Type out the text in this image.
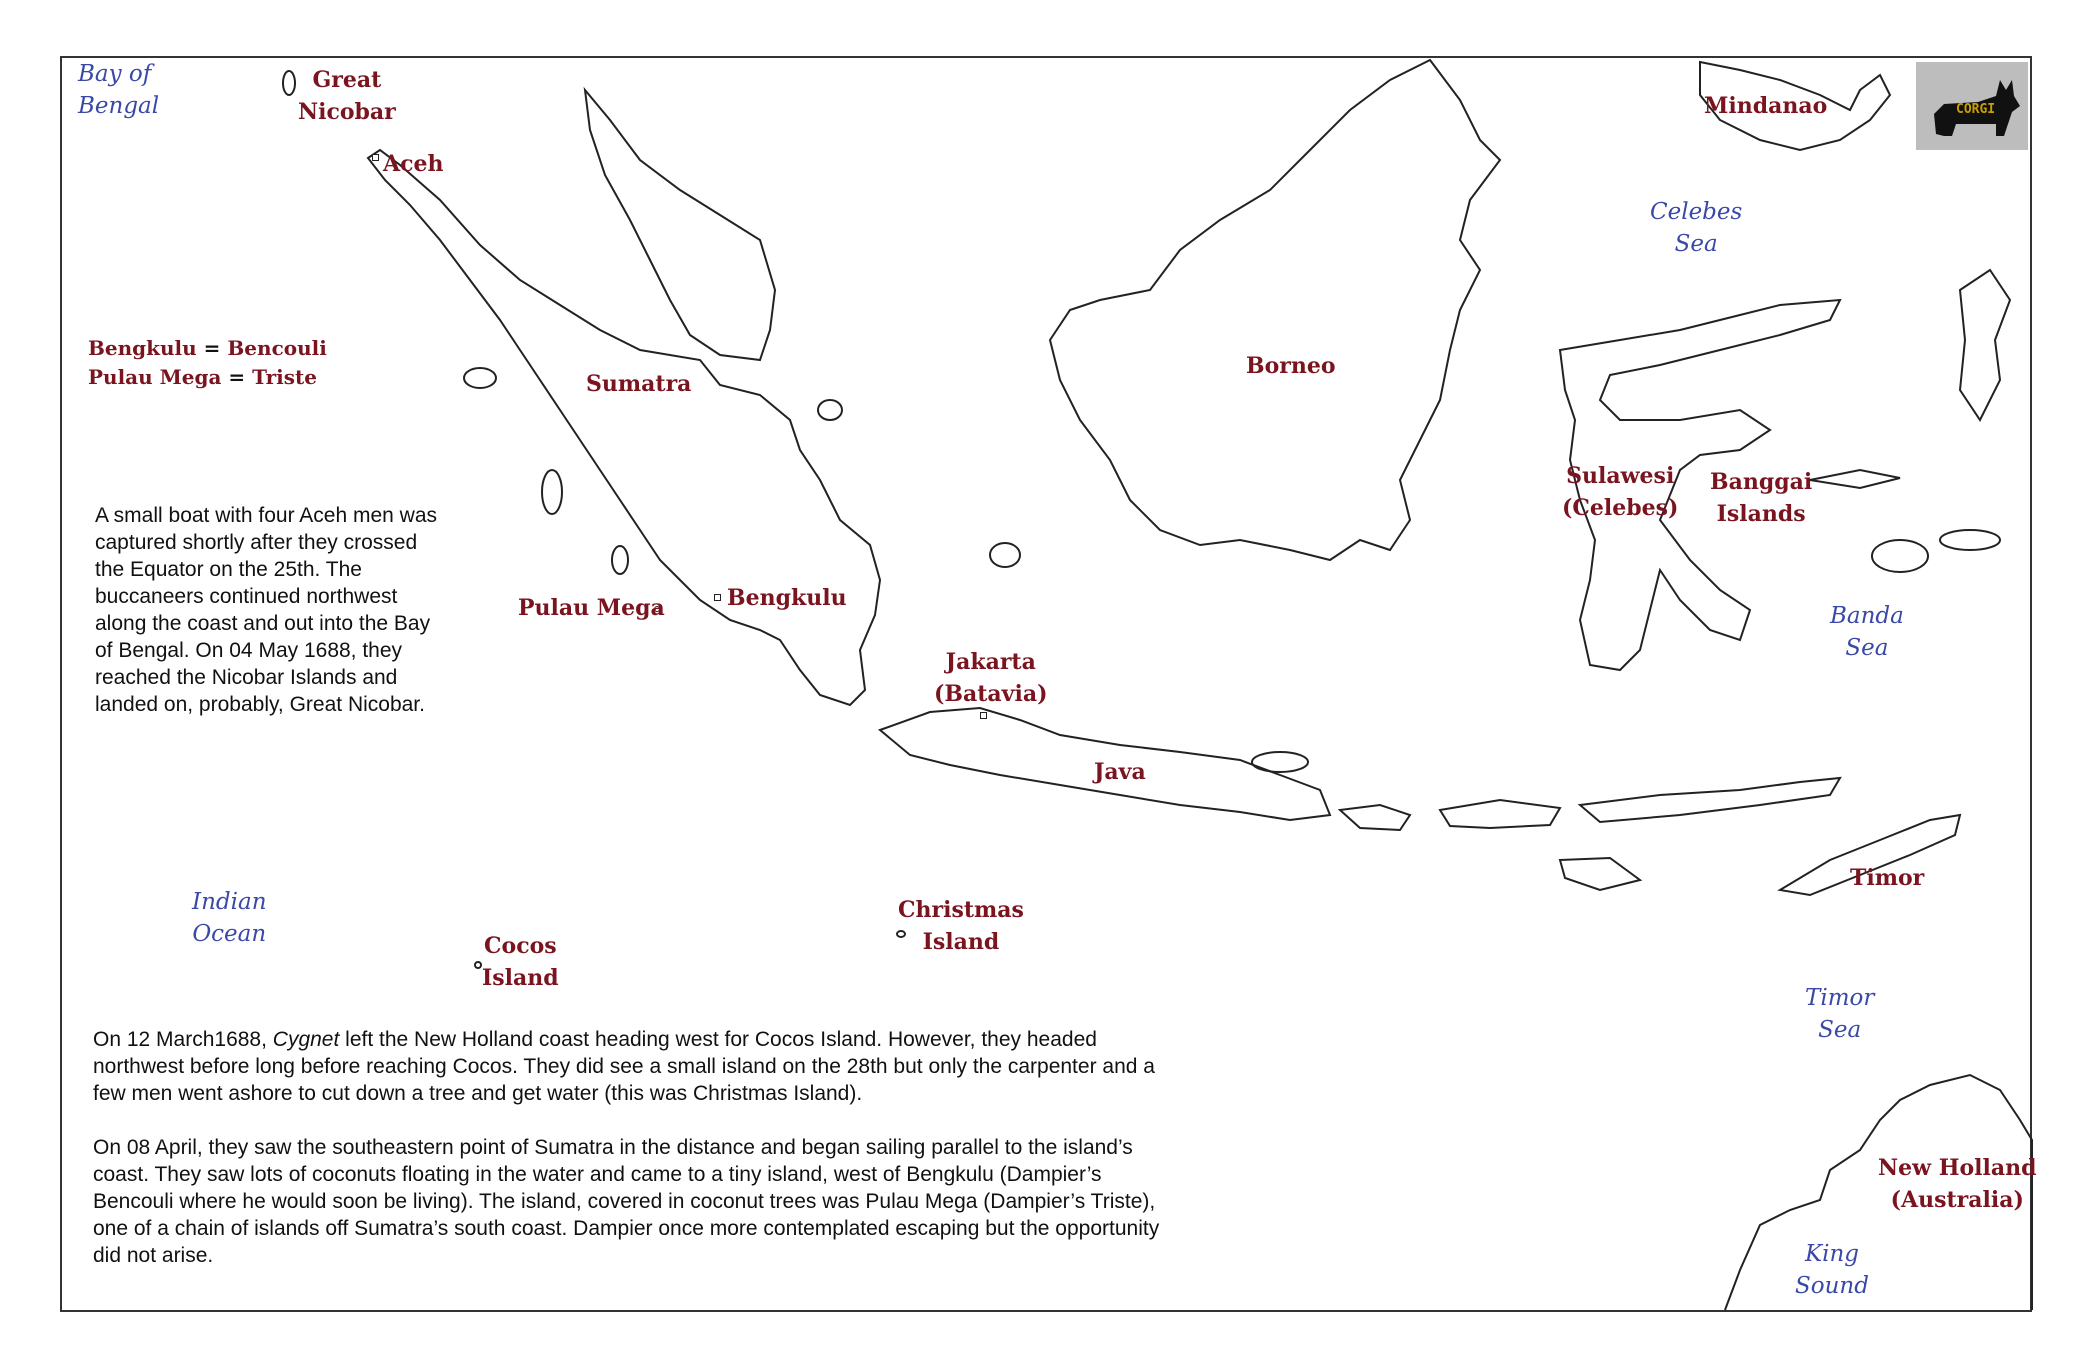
Bay of
Bengal
Celebes
Sea
Banda
Sea
Timor
Sea
King
Sound
Indian
Ocean
Great
Nicobar
Aceh
Sumatra
Pulau Mega	Bengkulu
Jakarta
(Batavia)
Java
Borneo
Sulawesi
(Celebes)
Banggai
Islands
Mindanao
Timor
New Holland
(Australia)
Cocos
Island
Christmas
Island
Bengkulu = Bencouli
Pulau Mega = Triste
A small boat with four Aceh men was captured shortly after they crossed the Equator on the 25th. The buccaneers continued northwest along the coast and out into the Bay of Bengal. On 04 May 1688, they reached the Nicobar Islands and landed on, probably, Great Nicobar.

On 12 March1688, Cygnet left the New Holland coast heading west for Cocos Island. However, they headed northwest before long before reaching Cocos. They did see a small island on the 28th but only the carpenter and a few men went ashore to cut down a tree and get water (this was Christmas Island).

On 08 April, they saw the southeastern point of Sumatra in the distance and began sailing parallel to the island’s coast. They saw lots of coconuts floating in the water and came to a tiny island, west of Bengkulu (Dampier’s Bencouli where he would soon be living). The island, covered in coconut trees was Pulau Mega (Dampier’s Triste), one of a chain of islands off Sumatra’s south coast. Dampier once more contemplated escaping but the opportunity did not arise.

CORGI
